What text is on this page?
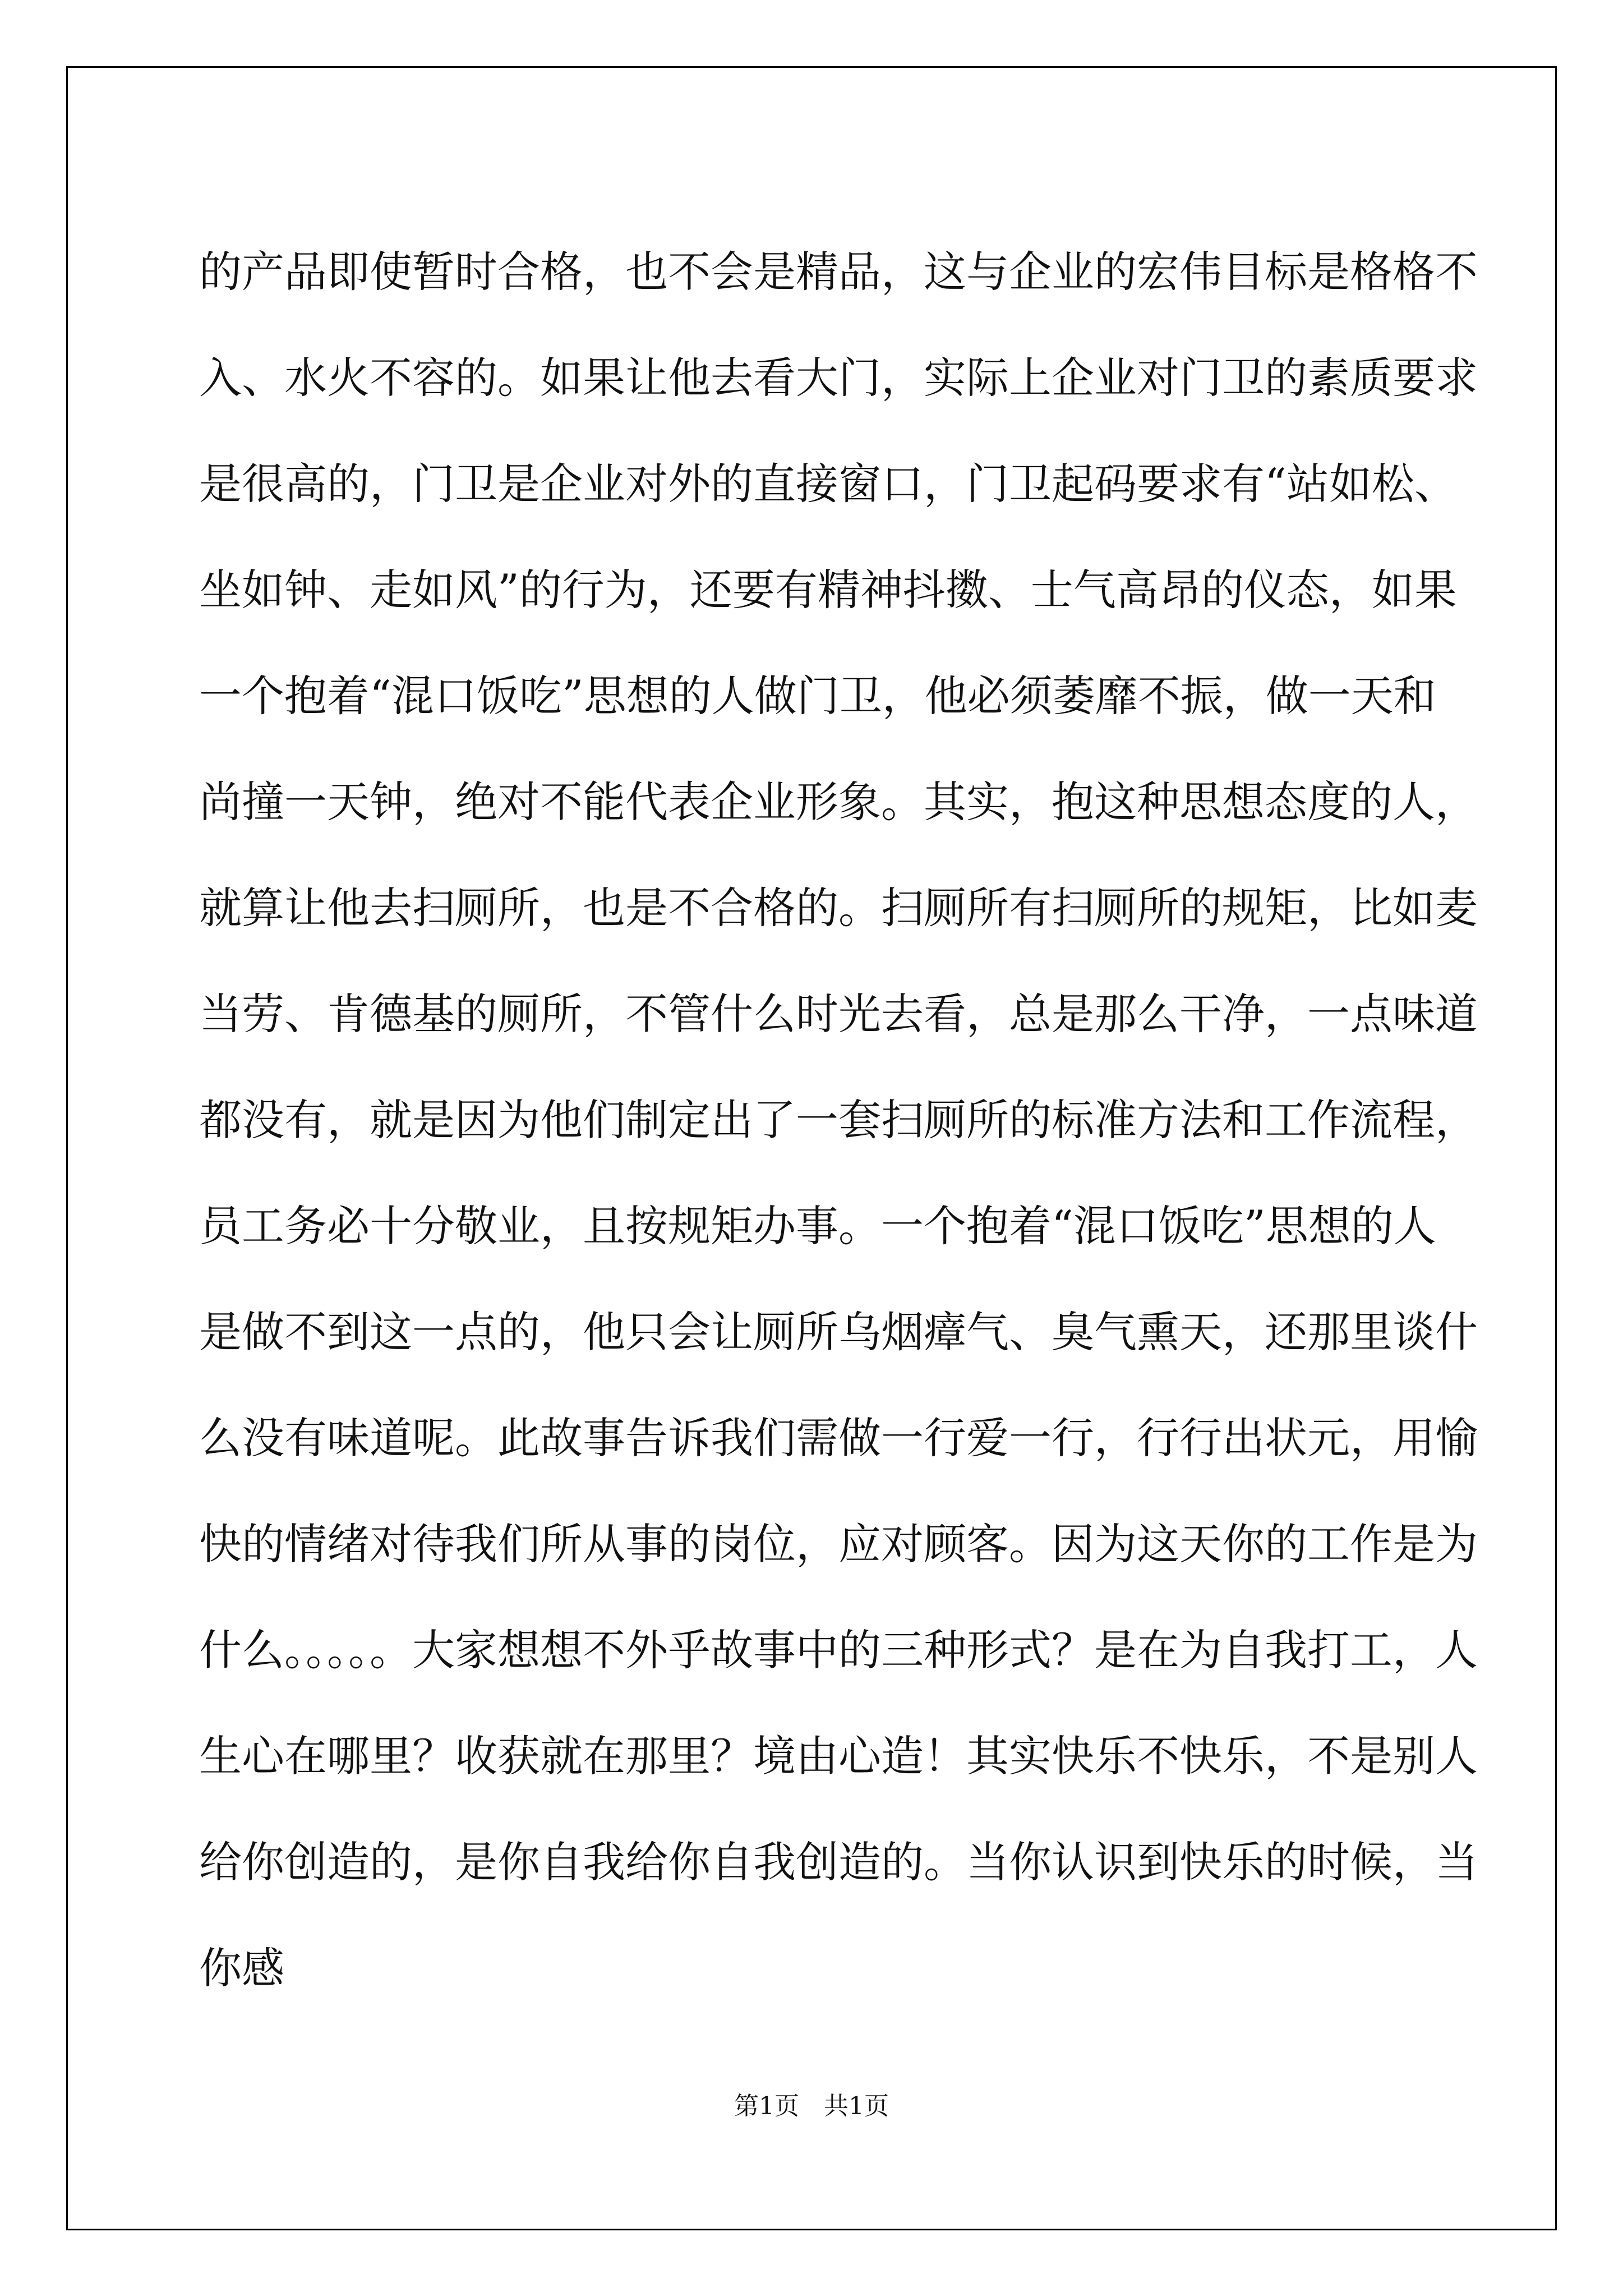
的产品即使暂时合格，也不会是精品，这与企业的宏伟目标是格格不
入、水火不容的。如果让他去看大门，实际上企业对门卫的素质要求
是很高的，门卫是企业对外的直接窗口，门卫起码要求有“站如松、
坐如钟、走如风”的行为，还要有精神抖擞、士气高昂的仪态，如果
一个抱着“混口饭吃”思想的人做门卫，他必须萎靡不振，做一天和
尚撞一天钟，绝对不能代表企业形象。其实，抱这种思想态度的人，
就算让他去扫厕所，也是不合格的。扫厕所有扫厕所的规矩，比如麦
当劳、肯德基的厕所，不管什么时光去看，总是那么干净，一点味道
都没有，就是因为他们制定出了一套扫厕所的标准方法和工作流程，
员工务必十分敬业，且按规矩办事。一个抱着“混口饭吃”思想的人
是做不到这一点的，他只会让厕所乌烟瘴气、臭气熏天，还那里谈什
么没有味道呢。此故事告诉我们需做一行爱一行，行行出状元，用愉
快的情绪对待我们所从事的岗位，应对顾客。因为这天你的工作是为
什么。。。。。大家想想不外乎故事中的三种形式？是在为自我打工，人
生心在哪里？收获就在那里？境由心造！其实快乐不快乐，不是别人
给你创造的，是你自我给你自我创造的。当你认识到快乐的时候，当
你感
第1页　共1页
